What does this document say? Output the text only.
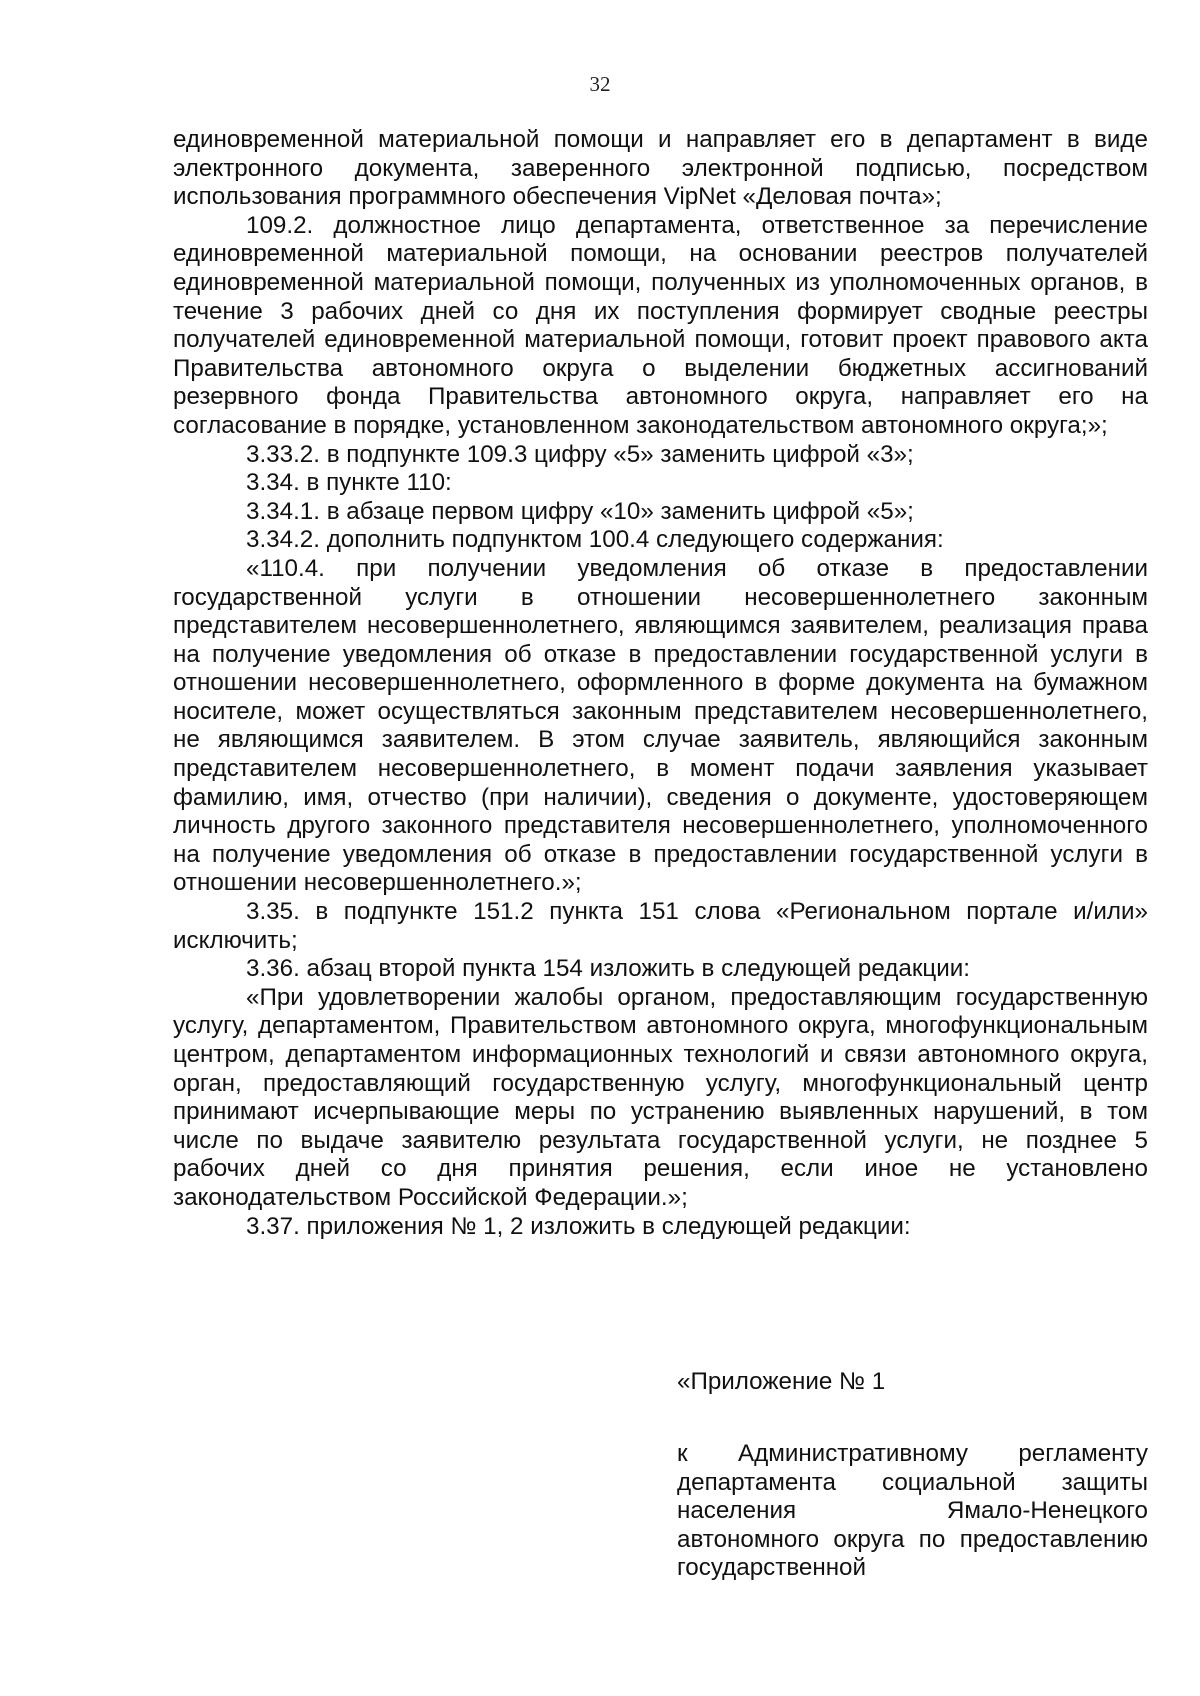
32

единовременной материальной помощи и направляет его в департамент в виде электронного документа, заверенного электронной подписью, посредством использования программного обеспечения VipNet «Деловая почта»;

109.2. должностное лицо департамента, ответственное за перечисление единовременной материальной помощи, на основании реестров получателей единовременной материальной помощи, полученных из уполномоченных органов, в течение 3 рабочих дней со дня их поступления формирует сводные реестры получателей единовременной материальной помощи, готовит проект правового акта Правительства автономного округа о выделении бюджетных ассигнований резервного фонда Правительства автономного округа, направляет его на согласование в порядке, установленном законодательством автономного округа;»;

3.33.2. в подпункте 109.3 цифру «5» заменить цифрой «3»;

3.34. в пункте 110:

3.34.1. в абзаце первом цифру «10» заменить цифрой «5»;

3.34.2. дополнить подпунктом 100.4 следующего содержания:

«110.4. при получении уведомления об отказе в предоставлении государственной услуги в отношении несовершеннолетнего законным представителем несовершеннолетнего, являющимся заявителем, реализация права на получение уведомления об отказе в предоставлении государственной услуги в отношении несовершеннолетнего, оформленного в форме документа на бумажном носителе, может осуществляться законным представителем несовершеннолетнего, не являющимся заявителем. В этом случае заявитель, являющийся законным представителем несовершеннолетнего, в момент подачи заявления указывает фамилию, имя, отчество (при наличии), сведения о документе, удостоверяющем личность другого законного представителя несовершеннолетнего, уполномоченного на получение уведомления об отказе в предоставлении государственной услуги в отношении несовершеннолетнего.»;

3.35. в подпункте 151.2 пункта 151 слова «Региональном портале и/или» исключить;

3.36. абзац второй пункта 154 изложить в следующей редакции:

«При удовлетворении жалобы органом, предоставляющим государственную услугу, департаментом, Правительством автономного округа, многофункциональным центром, департаментом информационных технологий и связи автономного округа, орган, предоставляющий государственную услугу, многофункциональный центр принимают исчерпывающие меры по устранению выявленных нарушений, в том числе по выдаче заявителю результата государственной услуги, не позднее 5 рабочих дней со дня принятия решения, если иное не установлено законодательством Российской Федерации.»;

3.37. приложения № 1, 2 изложить в следующей редакции:

«Приложение № 1

к Административному регламенту департамента социальной защиты населения Ямало-Ненецкого автономного округа по предоставлению государственной
